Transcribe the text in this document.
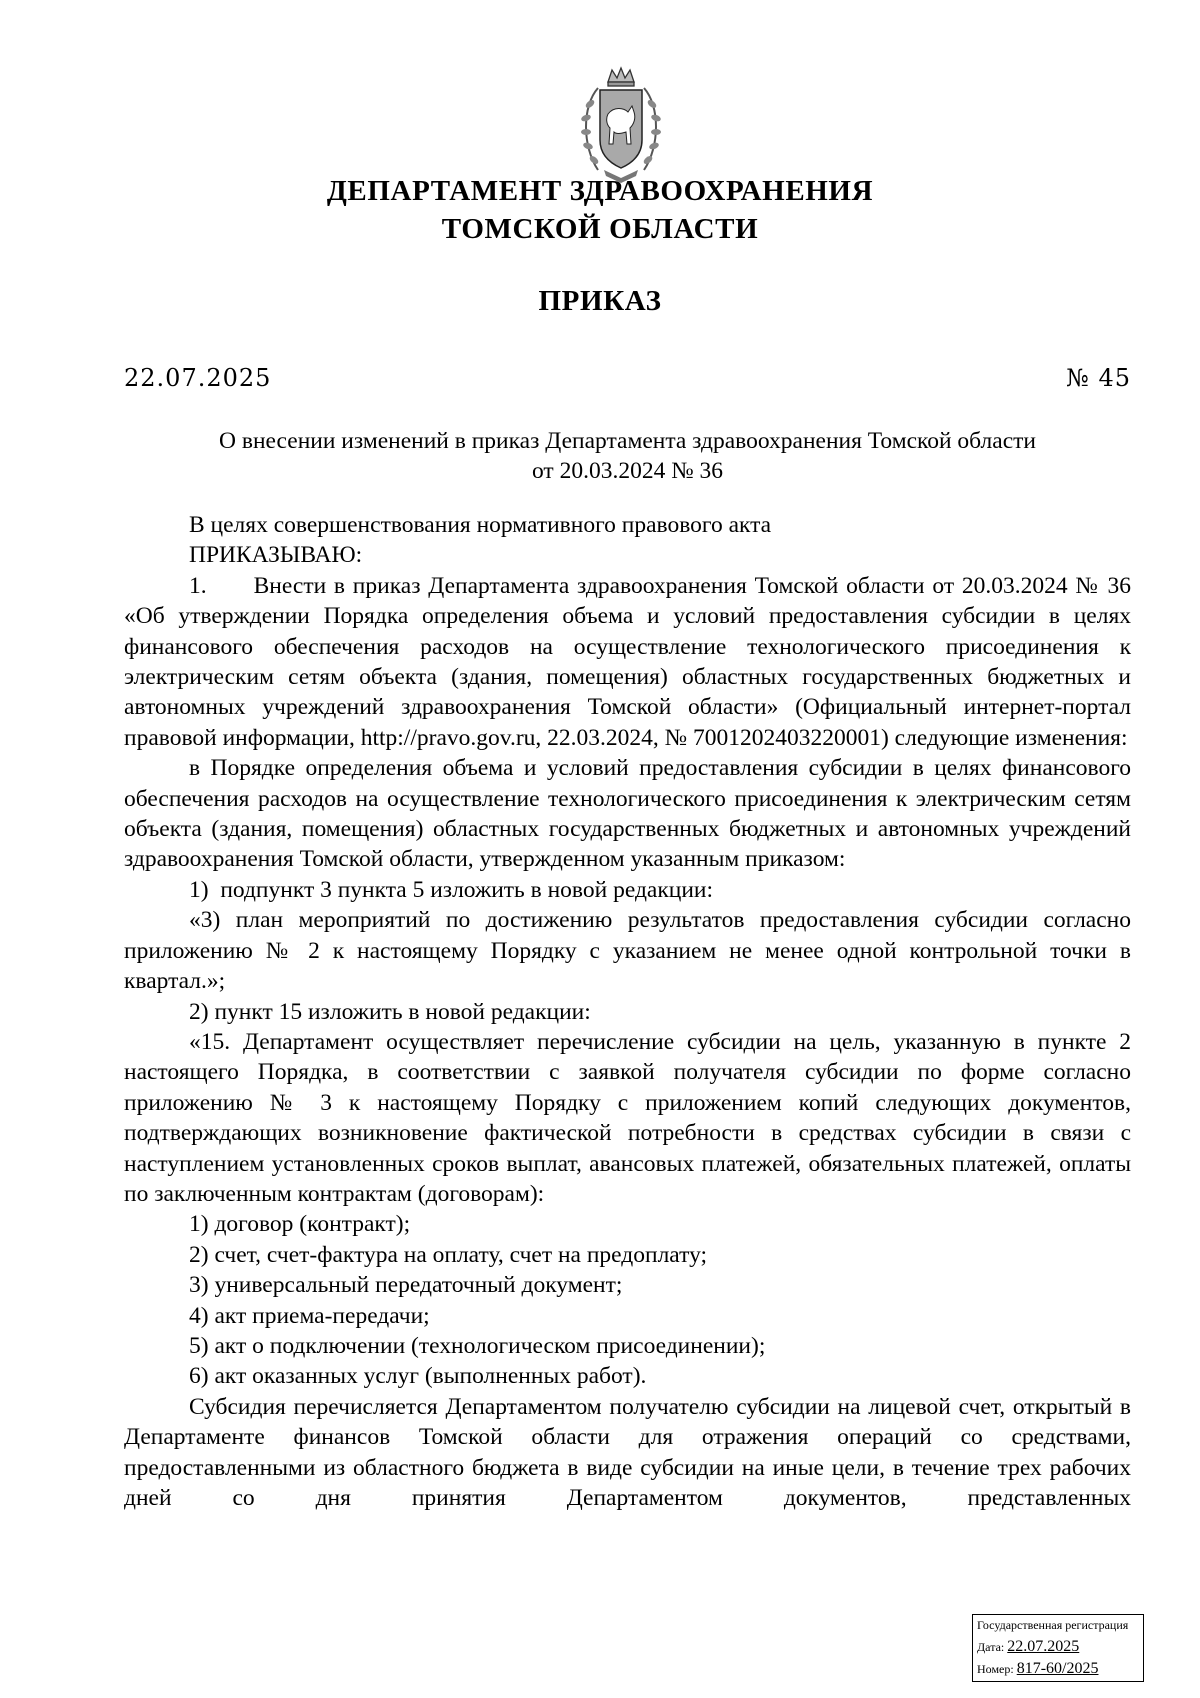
ДЕПАРТАМЕНТ ЗДРАВООХРАНЕНИЯ
ТОМСКОЙ ОБЛАСТИ
ПРИКАЗ
22.07.2025	№ 45
О внесении изменений в приказ Департамента здравоохранения Томской области
от 20.03.2024 № 36

В целях совершенствования нормативного правового акта

ПРИКАЗЫВАЮ:

1.  Внести в приказ Департамента здравоохранения Томской области от 20.03.2024 № 36 «Об утверждении Порядка определения объема и условий предоставления субсидии в целях финансового обеспечения расходов на осуществление технологического присоединения к электрическим сетям объекта (здания, помещения) областных государственных бюджетных и автономных учреждений здравоохранения Томской области» (Официальный интернет-портал правовой информации, http://pravo.gov.ru, 22.03.2024, № 7001202403220001) следующие изменения:

в Порядке определения объема и условий предоставления субсидии в целях финансового обеспечения расходов на осуществление технологического присоединения к электрическим сетям объекта (здания, помещения) областных государственных бюджетных и автономных учреждений здравоохранения Томской области, утвержденном указанным приказом:

1) подпункт 3 пункта 5 изложить в новой редакции:

«3) план мероприятий по достижению результатов предоставления субсидии согласно приложению № 2 к настоящему Порядку с указанием не менее одной контрольной точки в квартал.»;

2) пункт 15 изложить в новой редакции:

«15. Департамент осуществляет перечисление субсидии на цель, указанную в пункте 2 настоящего Порядка, в соответствии с заявкой получателя субсидии по форме согласно приложению № 3 к настоящему Порядку с приложением копий следующих документов, подтверждающих возникновение фактической потребности в средствах субсидии в связи с наступлением установленных сроков выплат, авансовых платежей, обязательных платежей, оплаты по заключенным контрактам (договорам):

1) договор (контракт);

2) счет, счет-фактура на оплату, счет на предоплату;

3) универсальный передаточный документ;

4) акт приема-передачи;

5) акт о подключении (технологическом присоединении);

6) акт оказанных услуг (выполненных работ).

Субсидия перечисляется Департаментом получателю субсидии на лицевой счет, открытый в Департаменте финансов Томской области для отражения операций со средствами, предоставленными из областного бюджета в виде субсидии на иные цели, в течение трех рабочих дней со дня принятия Департаментом документов, представленных

Государственная регистрация
Дата: 22.07.2025
Номер: 817-60/2025
